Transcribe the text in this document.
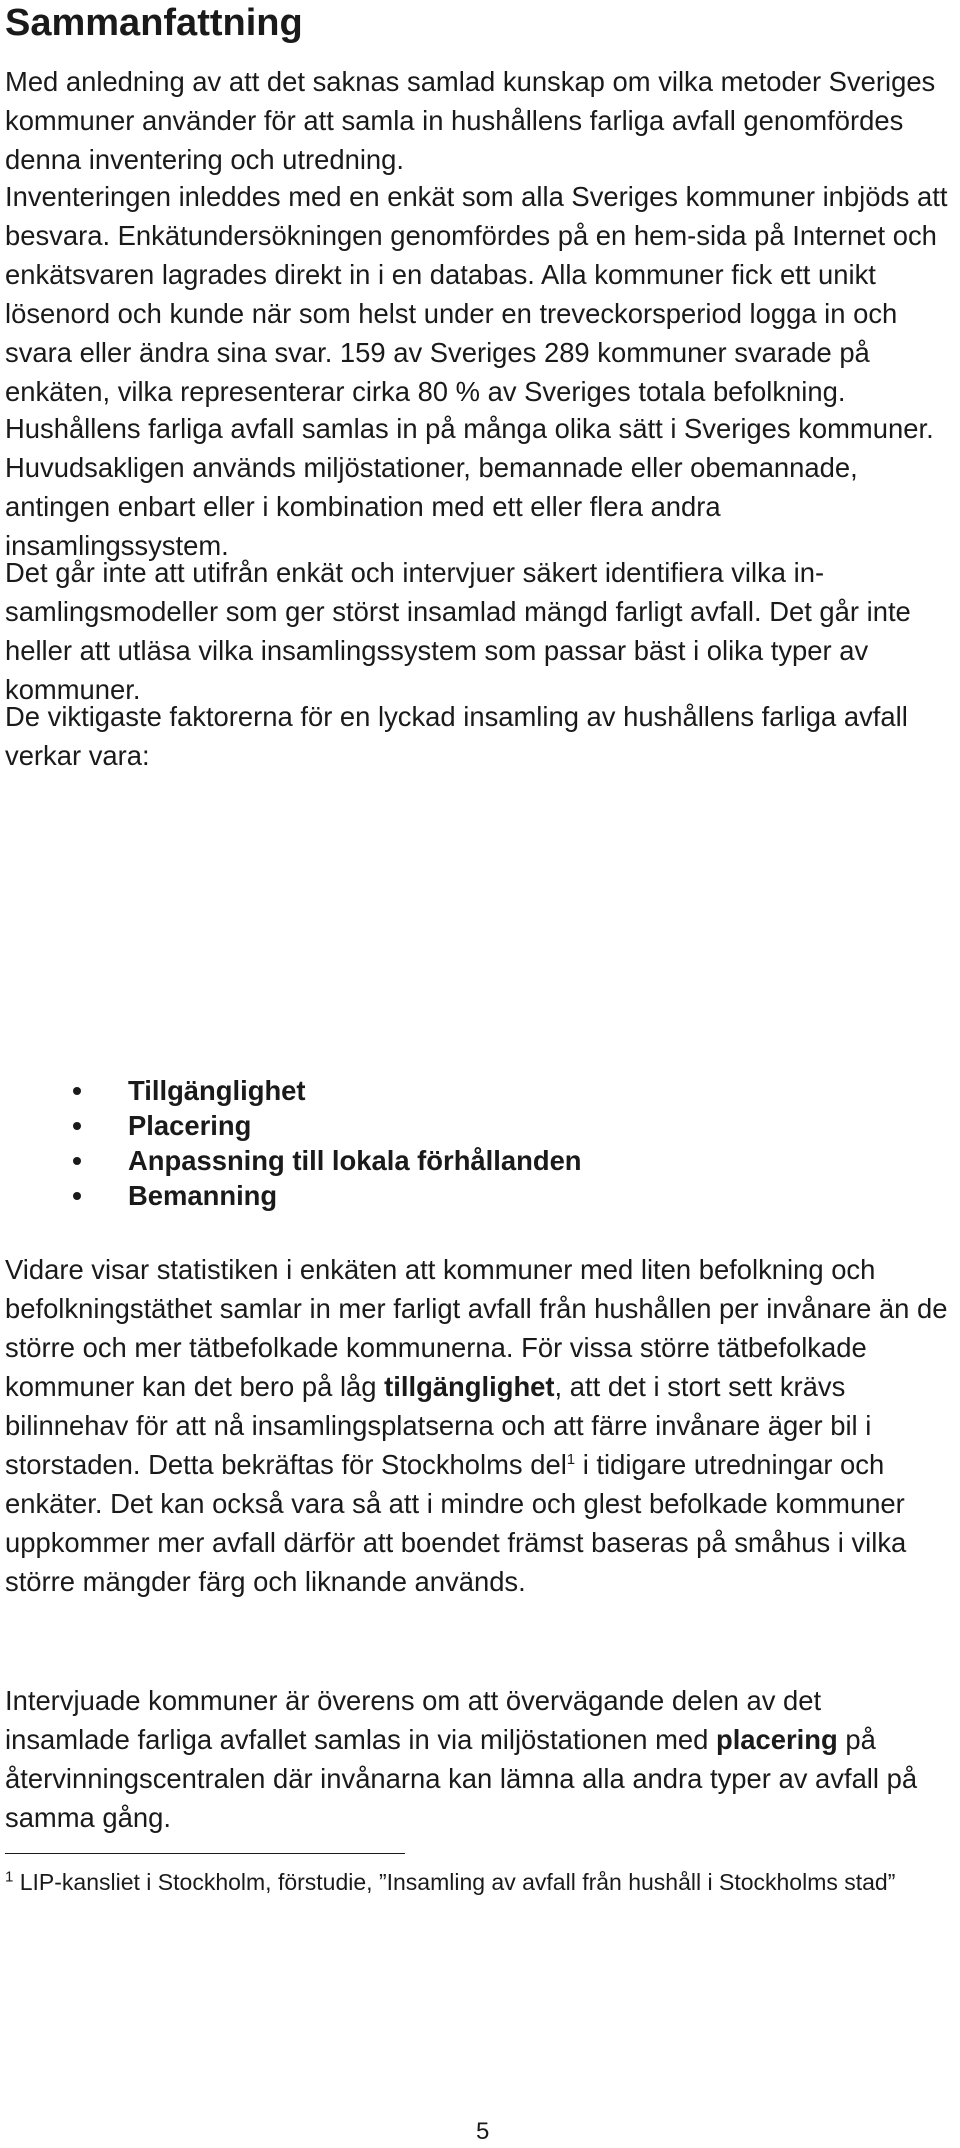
Sammanfattning

Med anledning av att det saknas samlad kunskap om vilka metoder Sveriges kommuner använder för att samla in hushållens farliga avfall genomfördes denna inventering och utredning.

Inventeringen inleddes med en enkät som alla Sveriges kommuner inbjöds att besvara. Enkätundersökningen genomfördes på en hem-sida på Internet och enkätsvaren lagrades direkt in i en databas. Alla kommuner fick ett unikt lösenord och kunde när som helst under en treveckorsperiod logga in och svara eller ändra sina svar. 159 av Sveriges 289 kommuner svarade på enkäten, vilka representerar cirka 80 % av Sveriges totala befolkning.

Hushållens farliga avfall samlas in på många olika sätt i Sveriges kommuner. Huvudsakligen används miljöstationer, bemannade eller obemannade, antingen enbart eller i kombination med ett eller flera andra insamlingssystem.

Det går inte att utifrån enkät och intervjuer säkert identifiera vilka in-samlingsmodeller som ger störst insamlad mängd farligt avfall. Det går inte heller att utläsa vilka insamlingssystem som passar bäst i olika typer av kommuner.

De viktigaste faktorerna för en lyckad insamling av hushållens farliga avfall verkar vara:

Tillgänglighet
Placering
Anpassning till lokala förhållanden
Bemanning

Vidare visar statistiken i enkäten att kommuner med liten befolkning och befolkningstäthet samlar in mer farligt avfall från hushållen per invånare än de större och mer tätbefolkade kommunerna. För vissa större tätbefolkade kommuner kan det bero på låg tillgänglighet, att det i stort sett krävs bilinnehav för att nå insamlingsplatserna och att färre invånare äger bil i storstaden. Detta bekräftas för Stockholms del$^1$ i tidigare utredningar och enkäter. Det kan också vara så att i mindre och glest befolkade kommuner uppkommer mer avfall därför att boendet främst baseras på småhus i vilka större mängder färg och liknande används.

Intervjuade kommuner är överens om att övervägande delen av det insamlade farliga avfallet samlas in via miljöstationen med placering på återvinningscentralen där invånarna kan lämna alla andra typer av avfall på samma gång.

$^1$ LIP-kansliet i Stockholm, förstudie, ”Insamling av avfall från hushåll i Stockholms stad”

5
